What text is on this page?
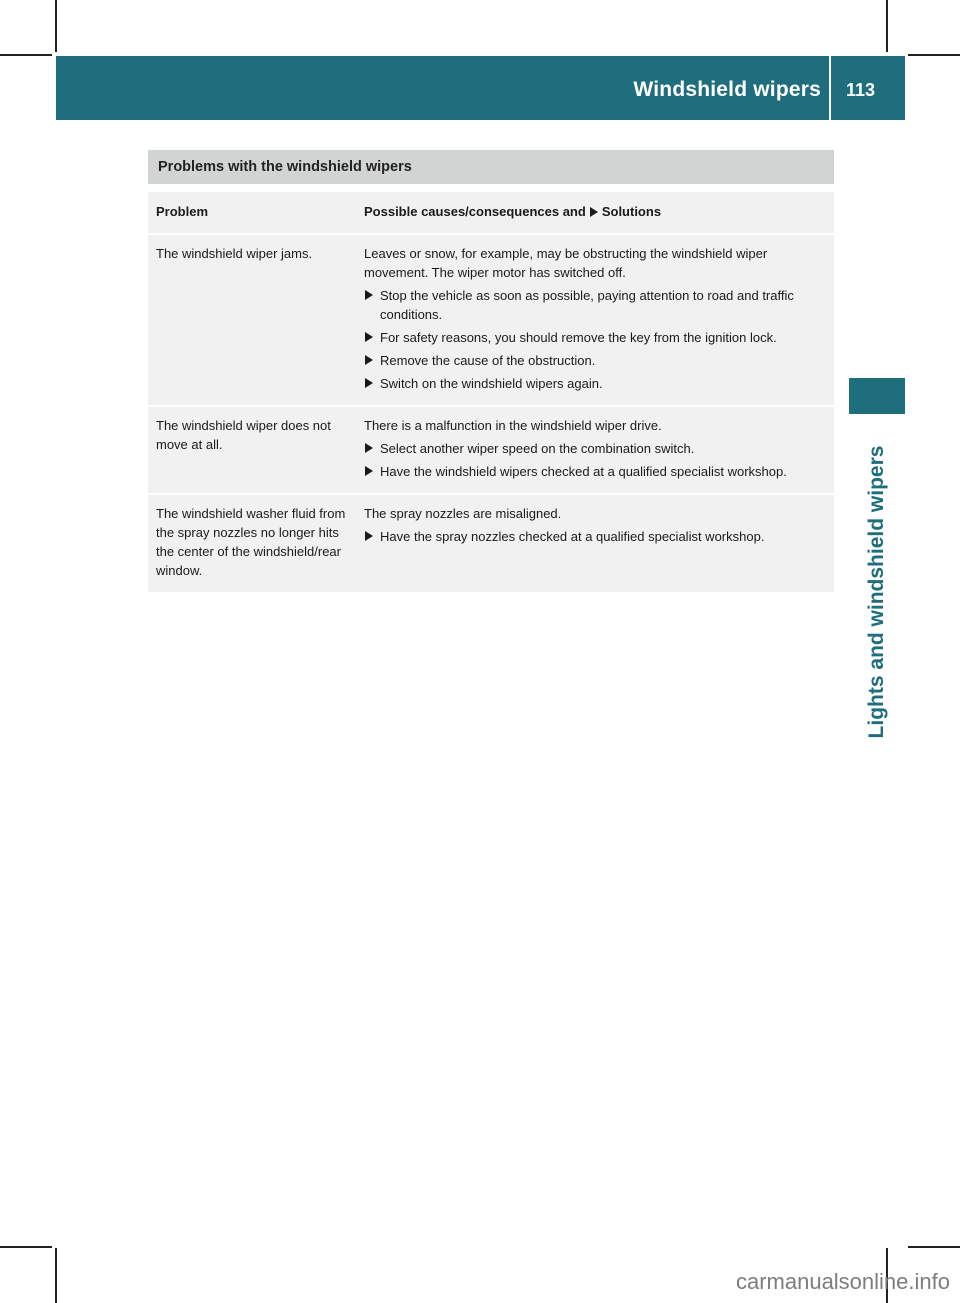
Windshield wipers 113
Lights and windshield wipers
Problems with the windshield wipers
Problem	Possible causes/consequences and Solutions
The windshield wiper jams.	Leaves or snow, for example, may be obstructing the windshield wiper movement. The wiper motor has switched off.
Stop the vehicle as soon as possible, paying attention to road and traffic conditions.
For safety reasons, you should remove the key from the ignition lock.
Remove the cause of the obstruction.
Switch on the windshield wipers again.
The windshield wiper does not move at all.
There is a malfunction in the windshield wiper drive.
Select another wiper speed on the combination switch.
Have the windshield wipers checked at a qualified specialist workshop.
The windshield washer fluid from the spray nozzles no longer hits the center of the windshield/rear window.
The spray nozzles are misaligned.
Have the spray nozzles checked at a qualified specialist workshop.
carmanualsonline.info
